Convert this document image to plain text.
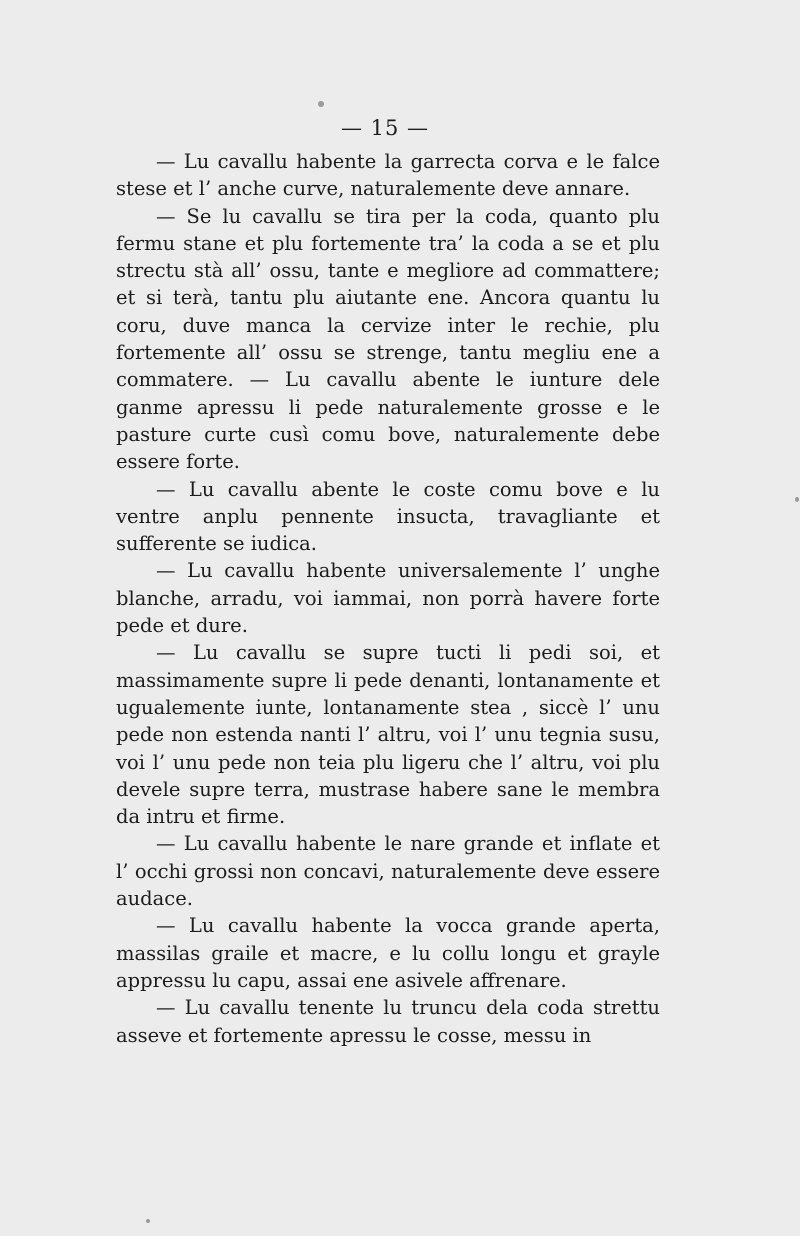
— 15 —

— Lu cavallu habente la garrecta corva e le falce stese et l’ anche curve, naturalemente deve annare.

— Se lu cavallu se tira per la coda, quanto plu fermu stane et plu fortemente tra’ la coda a se et plu strectu stà all’ ossu, tante e megliore ad commattere; et si terà, tantu plu aiutante ene. Ancora quantu lu coru, duve manca la cervize inter le rechie, plu fortemente all’ ossu se strenge, tantu megliu ene a commatere. — Lu cavallu abente le iunture dele ganme apressu li pede naturalemente grosse e le pasture curte cusì comu bove, naturalemente debe essere forte.

— Lu cavallu abente le coste comu bove e lu ventre anplu pennente insucta, travagliante et sufferente se iudica.

— Lu cavallu habente universalemente l’ unghe blanche, arradu, voi iammai, non porrà havere forte pede et dure.

— Lu cavallu se supre tucti li pedi soi, et massimamente supre li pede denanti, lontanamente et ugualemente iunte, lontanamente stea , siccè l’ unu pede non estenda nanti l’ altru, voi l’ unu tegnia susu, voi l’ unu pede non teia plu ligeru che l’ altru, voi plu devele supre terra, mustrase habere sane le membra da intru et firme.

— Lu cavallu habente le nare grande et inflate et l’ occhi grossi non concavi, naturalemente deve essere audace.

— Lu cavallu habente la vocca grande aperta, massilas graile et macre, e lu collu longu et grayle appressu lu capu, assai ene asivele affrenare.

— Lu cavallu tenente lu truncu dela coda strettu asseve et fortemente apressu le cosse, messu in
